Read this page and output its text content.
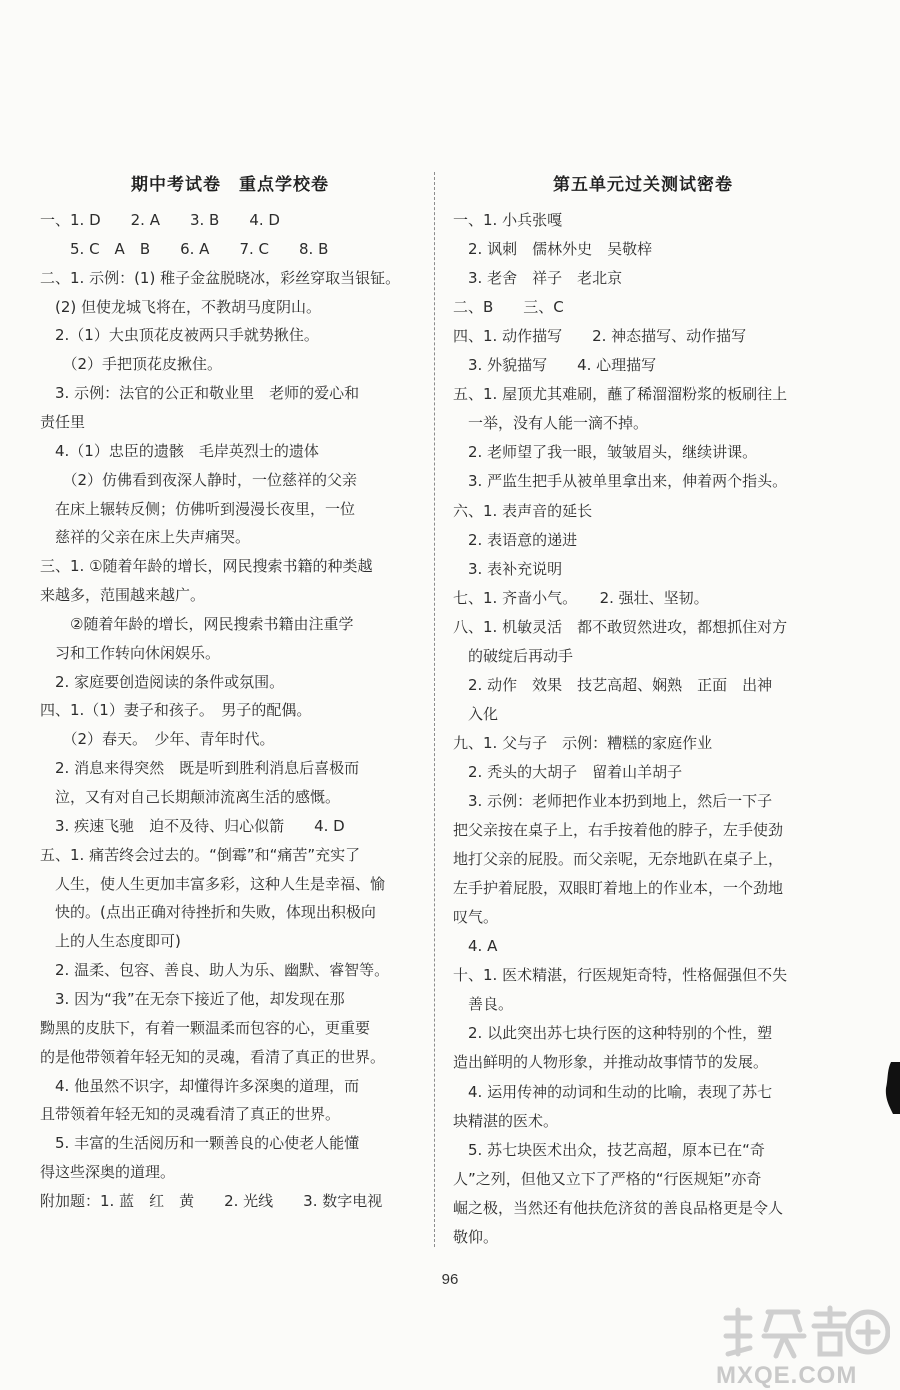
期中考试卷　重点学校卷
一、1. D　　2. A　　3. B　　4. D
　　5. C　A　B　　6. A　　7. C　　8. B
二、1. 示例：(1) 稚子金盆脱晓冰，彩丝穿取当银钲。
　(2) 但使龙城飞将在，不教胡马度阴山。
　2.（1）大虫顶花皮被两只手就势揪住。
　　（2）手把顶花皮揪住。
　3. 示例：法官的公正和敬业里　老师的爱心和
责任里
　4.（1）忠臣的遗骸　毛岸英烈士的遗体
　　（2）仿佛看到夜深人静时，一位慈祥的父亲
　在床上辗转反侧；仿佛听到漫漫长夜里，一位
　慈祥的父亲在床上失声痛哭。
三、1. ①随着年龄的增长，网民搜索书籍的种类越
来越多，范围越来越广。
　　②随着年龄的增长，网民搜索书籍由注重学
　习和工作转向休闲娱乐。
　2. 家庭要创造阅读的条件或氛围。
四、1.（1）妻子和孩子。　男子的配偶。
　　（2）春天。　少年、青年时代。
　2. 消息来得突然　既是听到胜利消息后喜极而
　泣，又有对自己长期颠沛流离生活的感慨。
　3. 疾速飞驰　迫不及待、归心似箭　　4. D
五、1. 痛苦终会过去的。“倒霉”和“痛苦”充实了
　人生，使人生更加丰富多彩，这种人生是幸福、愉
　快的。(点出正确对待挫折和失败，体现出积极向
　上的人生态度即可)
　2. 温柔、包容、善良、助人为乐、幽默、睿智等。
　3. 因为“我”在无奈下接近了他，却发现在那
黝黑的皮肤下，有着一颗温柔而包容的心，更重要
的是他带领着年轻无知的灵魂，看清了真正的世界。
　4. 他虽然不识字，却懂得许多深奥的道理，而
且带领着年轻无知的灵魂看清了真正的世界。
　5. 丰富的生活阅历和一颗善良的心使老人能懂
得这些深奥的道理。
附加题：1. 蓝　红　黄　　2. 光线　　3. 数字电视
第五单元过关测试密卷
一、1. 小兵张嘎
　2. 讽刺　儒林外史　吴敬梓
　3. 老舍　祥子　老北京
二、B　　三、C
四、1. 动作描写　　2. 神态描写、动作描写
　3. 外貌描写　　4. 心理描写
五、1. 屋顶尤其难刷，蘸了稀溜溜粉浆的板刷往上
　一举，没有人能一滴不掉。
　2. 老师望了我一眼，皱皱眉头，继续讲课。
　3. 严监生把手从被单里拿出来，伸着两个指头。
六、1. 表声音的延长
　2. 表语意的递进
　3. 表补充说明
七、1. 齐啬小气。　　2. 强壮、坚韧。
八、1. 机敏灵活　都不敢贸然进攻，都想抓住对方
　的破绽后再动手
　2. 动作　效果　技艺高超、娴熟　正面　出神
　入化
九、1. 父与子　示例：糟糕的家庭作业
　2. 秃头的大胡子　留着山羊胡子
　3. 示例：老师把作业本扔到地上，然后一下子
把父亲按在桌子上，右手按着他的脖子，左手使劲
地打父亲的屁股。而父亲呢，无奈地趴在桌子上，
左手护着屁股，双眼盯着地上的作业本，一个劲地
叹气。
　4. A
十、1. 医术精湛，行医规矩奇特，性格倔强但不失
　善良。
　2. 以此突出苏七块行医的这种特别的个性，塑
造出鲜明的人物形象，并推动故事情节的发展。
　4. 运用传神的动词和生动的比喻，表现了苏七
块精湛的医术。
　5. 苏七块医术出众，技艺高超，原本已在“奇
人”之列，但他又立下了严格的“行医规矩”亦奇
崛之极，当然还有他扶危济贫的善良品格更是令人
敬仰。
96
MXQE.COM
